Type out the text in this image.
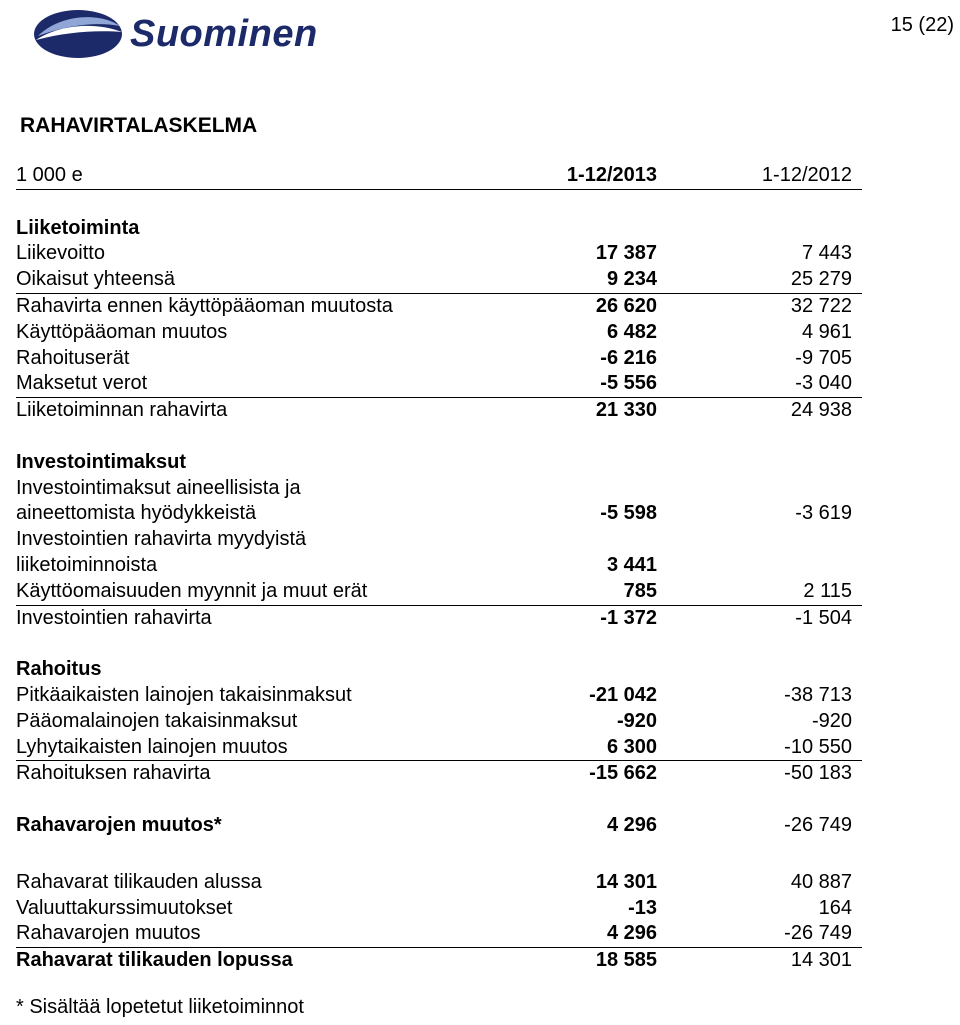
Suominen	15 (22)
RAHAVIRTALASKELMA
1 000 e	1-12/2013	1-12/2012
Liiketoiminta
Liikevoitto	17 387	7 443
Oikaisut yhteensä	9 234	25 279
Rahavirta ennen käyttöpääoman muutosta	26 620	32 722
Käyttöpääoman muutos	6 482	4 961
Rahoituserät	-6 216	-9 705
Maksetut verot	-5 556	-3 040
Liiketoiminnan rahavirta	21 330	24 938
Investointimaksut
Investointimaksut aineellisista ja
aineettomista hyödykkeistä	-5 598	-3 619
Investointien rahavirta myydyistä
liiketoiminnoista	3 441
Käyttöomaisuuden myynnit ja muut erät	785	2 115
Investointien rahavirta	-1 372	-1 504
Rahoitus
Pitkäaikaisten lainojen takaisinmaksut	-21 042	-38 713
Pääomalainojen takaisinmaksut	-920	-920
Lyhytaikaisten lainojen muutos	6 300	-10 550
Rahoituksen rahavirta	-15 662	-50 183
Rahavarojen muutos*	4 296	-26 749
Rahavarat tilikauden alussa	14 301	40 887
Valuuttakurssimuutokset	-13	164
Rahavarojen muutos	4 296	-26 749
Rahavarat tilikauden lopussa	18 585	14 301
* Sisältää lopetetut liiketoiminnot
